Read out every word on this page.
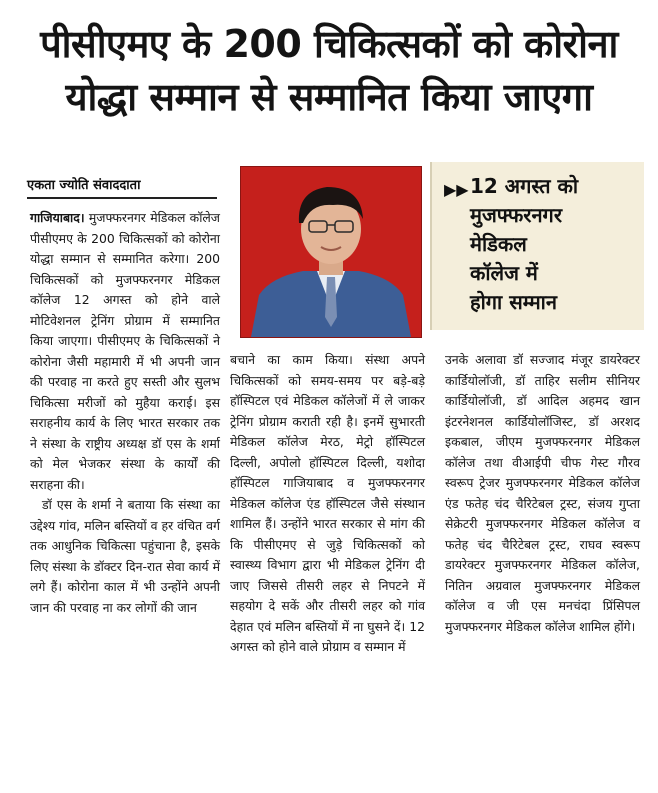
पीसीएमए के 200 चिकित्सकों को कोरोना
योद्धा सम्मान से सम्मानित किया जाएगा
एकता ज्योति संवाददाता

गाजियाबाद। मुजफ्फरनगर मेडिकल कॉलेज पीसीएमए के 200 चिकित्सकों को कोरोना योद्धा सम्मान से सम्मानित करेगा। 200 चिकित्सकों को मुजफ्फरनगर मेडिकल कॉलेज 12 अगस्त को होने वाले मोटिवेशनल ट्रेनिंग प्रोग्राम में सम्मानित किया जाएगा। पीसीएमए के चिकित्सकों ने कोरोना जैसी महामारी में भी अपनी जान की परवाह ना करते हुए सस्ती और सुलभ चिकित्सा मरीजों को मुहैया कराई। इस सराहनीय कार्य के लिए भारत सरकार तक ने संस्था के राष्ट्रीय अध्यक्ष डॉ एस के शर्मा को मेल भेजकर संस्था के कार्यों की सराहना की।

डॉ एस के शर्मा ने बताया कि संस्था का उद्देश्य गांव, मलिन बस्तियों व हर वंचित वर्ग तक आधुनिक चिकित्सा पहुंचाना है, इसके लिए संस्था के डॉक्टर दिन-रात सेवा कार्य में लगे हैं। कोरोना काल में भी उन्होंने अपनी जान की परवाह ना कर लोगों की जान

▶▶ 12 अगस्त को
मुजफ्फरनगर
मेडिकल
कॉलेज में
होगा सम्मान

बचाने का काम किया। संस्था अपने चिकित्सकों को समय-समय पर बड़े-बड़े हॉस्पिटल एवं मेडिकल कॉलेजों में ले जाकर ट्रेनिंग प्रोग्राम कराती रही है। इनमें सुभारती मेडिकल कॉलेज मेरठ, मेट्रो हॉस्पिटल दिल्ली, अपोलो हॉस्पिटल दिल्ली, यशोदा हॉस्पिटल गाजियाबाद व मुजफ्फरनगर मेडिकल कॉलेज एंड हॉस्पिटल जैसे संस्थान शामिल हैं। उन्होंने भारत सरकार से मांग की कि पीसीएमए से जुड़े चिकित्सकों को स्वास्थ्य विभाग द्वारा भी मेडिकल ट्रेनिंग दी जाए जिससे तीसरी लहर से निपटने में सहयोग दे सकें और तीसरी लहर को गांव देहात एवं मलिन बस्तियों में ना घुसने दें। 12 अगस्त को होने वाले प्रोग्राम व सम्मान में

उनके अलावा डॉ सज्जाद मंजूर डायरेक्टर कार्डियोलॉजी, डॉ ताहिर सलीम सीनियर कार्डियोलॉजी, डॉ आदिल अहमद खान इंटरनेशनल कार्डियोलॉजिस्ट, डॉ अरशद इकबाल, जीएम मुजफ्फरनगर मेडिकल कॉलेज तथा वीआईपी चीफ गेस्ट गौरव स्वरूप ट्रेजर मुजफ्फरनगर मेडिकल कॉलेज एंड फतेह चंद चैरिटेबल ट्रस्ट, संजय गुप्ता सेक्रेटरी मुजफ्फरनगर मेडिकल कॉलेज व फतेह चंद चैरिटेबल ट्रस्ट, राघव स्वरूप डायरेक्टर मुजफ्फरनगर मेडिकल कॉलेज, नितिन अग्रवाल मुजफ्फरनगर मेडिकल कॉलेज व जी एस मनचंदा प्रिंसिपल मुजफ्फरनगर मेडिकल कॉलेज शामिल होंगे।
